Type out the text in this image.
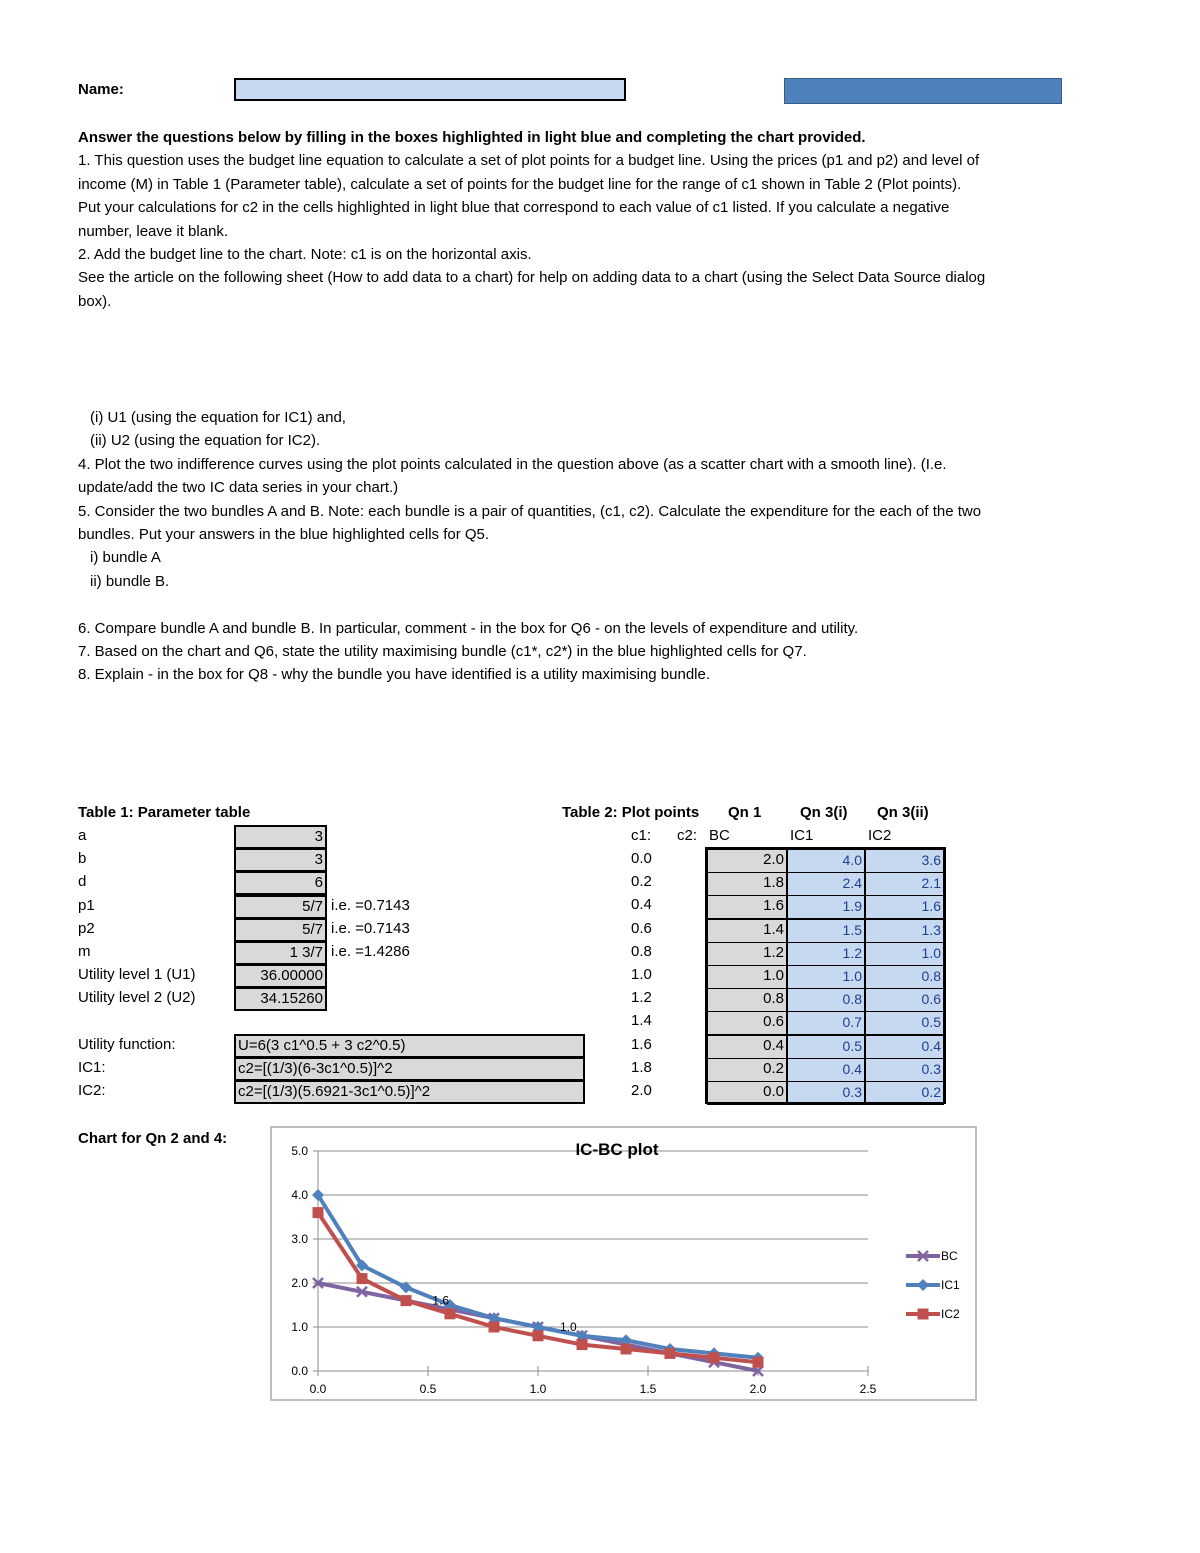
Name:

Answer the questions below by filling in the boxes highlighted in light blue and completing the chart provided.

1. This question uses the budget line equation to calculate a set of plot points for a budget line. Using the prices (p1 and p2) and level of

income (M) in Table 1 (Parameter table), calculate a set of points for the budget line for the range of c1 shown in Table 2 (Plot points).

Put your calculations for c2 in the cells highlighted in light blue that correspond to each value of c1 listed. If you calculate a negative

number, leave it blank.

2. Add the budget line to the chart. Note: c1 is on the horizontal axis.

See the article on the following sheet (How to add data to a chart) for help on adding data to a chart (using the Select Data Source dialog

box).

(i) U1 (using the equation for IC1) and,

(ii) U2 (using the equation for IC2).

4. Plot the two indifference curves using the plot points calculated in the question above (as a scatter chart with a smooth line). (I.e.

update/add the two IC data series in your chart.)

5. Consider the two bundles A and B. Note: each bundle is a pair of quantities, (c1, c2). Calculate the expenditure for the each of the two

bundles. Put your answers in the blue highlighted cells for Q5.

i) bundle A

ii) bundle B.

6. Compare bundle A and bundle B. In particular, comment - in the box for Q6 - on the levels of expenditure and utility.

7. Based on the chart and Q6, state the utility maximising bundle (c1*, c2*) in the blue highlighted cells for Q7.

8. Explain - in the box for Q8 - why the bundle you have identified is a utility maximising bundle.

Table 1: Parameter table
a	3
b	3
d	6
p1	5/7 i.e. =0.7143
p2	5/7 i.e. =0.7143
m	1 3/7 i.e. =1.4286
Utility level 1 (U1)	36.00000
Utility level 2 (U2)	34.15260
Utility function:	U=6(3 c1^0.5 + 3 c2^0.5)
IC1:	c2=[(1/3)(6-3c1^0.5)]^2
IC2:	c2=[(1/3)(5.6921-3c1^0.5)]^2
Table 2: Plot points Qn 1	Qn 3(i) Qn 3(ii)
c1: c2: BC	IC1	IC2
0.0	2.0	4.0	3.6
0.2	1.8	2.4	2.1
0.4	1.6	1.9	1.6
0.6	1.4	1.5	1.3
0.8	1.2	1.2	1.0
1.0	1.0	1.0	0.8
1.2	0.8	0.8	0.6
1.4	0.6	0.7	0.5
1.6	0.4	0.5	0.4
1.8	0.2	0.4	0.3
2.0	0.0	0.3	0.2
Chart for Qn 2 and 4:
0.0
1.0
2.0
3.0
4.0
5.0
0.0	0.5	1.0	1.5	2.0	2.5
IC-BC plot
1.6
1.0
BC
IC1
IC2
